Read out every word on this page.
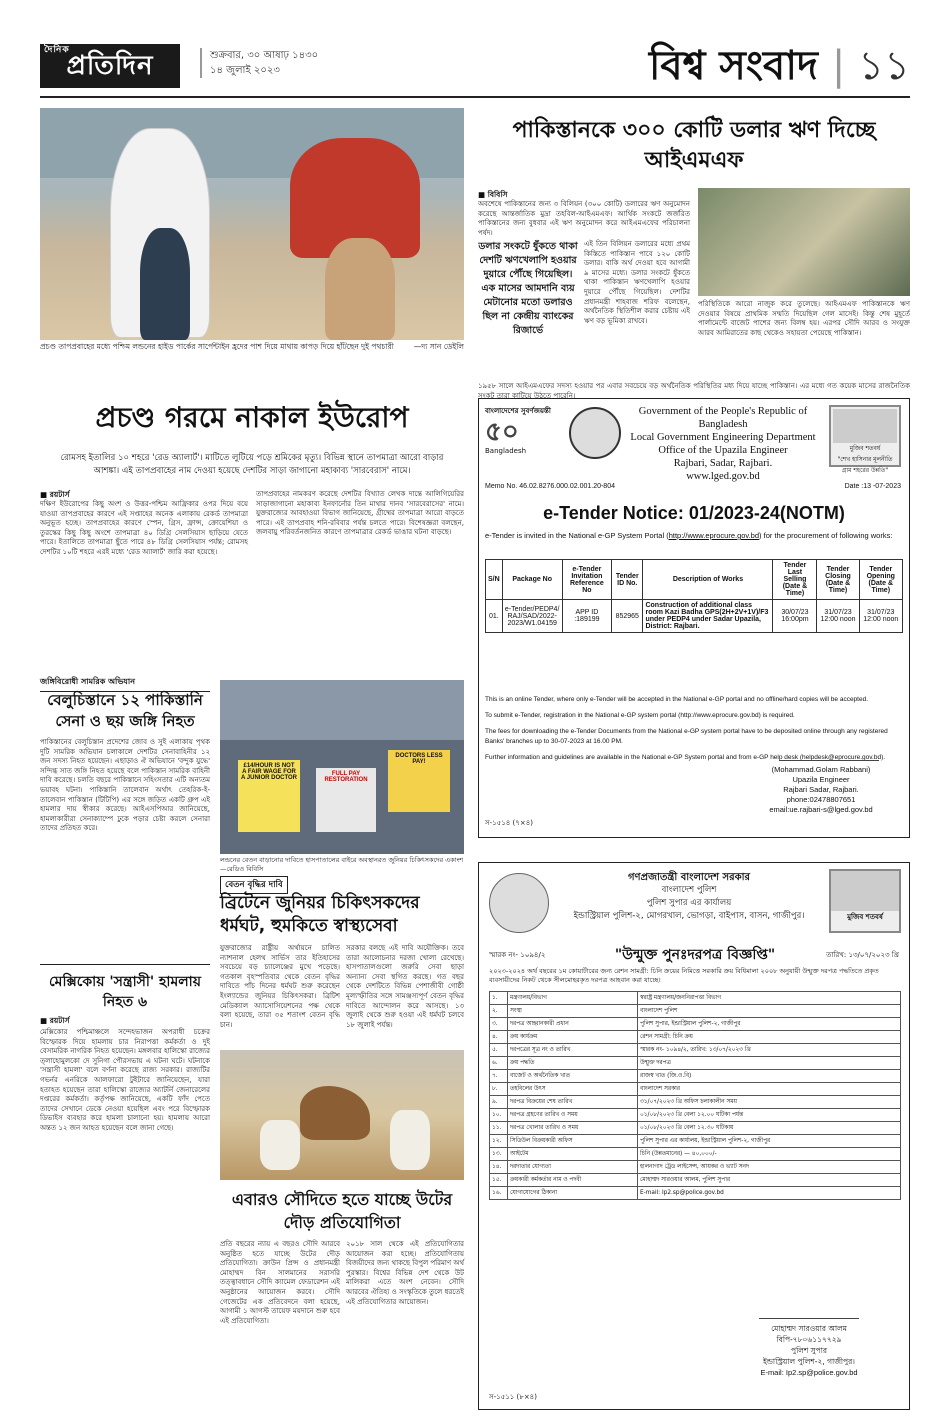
দৈনিক
প্রতিদিন	শুক্রবার, ৩০ আষাঢ় ১৪৩০
১৪ জুলাই ২০২৩	বিশ্ব সংবাদ | ১১
প্রচণ্ড তাপপ্রবাহের মধ্যে পশ্চিম লন্ডনের হাইড পার্কের সার্পেন্টাইন হ্রদের পাশ দিয়ে মাথায় কাপড় দিয়ে হাঁটছেন দুই পথচারী	—দ্য সান ডেইলি
প্রচণ্ড গরমে নাকাল ইউরোপ
রোমসহ ইতালির ১০ শহরে 'রেড অ্যালার্ট'। মাটিতে লুটিয়ে পড়ে শ্রমিকের মৃত্যু। বিভিন্ন স্থানে তাপমাত্রা আরো বাড়ার আশঙ্কা। এই তাপপ্রবাহের নাম দেওয়া হয়েছে দেশটির সাড়া জাগানো মহাকাব্য 'সারবেরাস' নামে।
■ রয়টার্স
দক্ষিণ ইউরোপের কিছু অংশ ও উত্তর-পশ্চিম আফ্রিকার ওপর দিয়ে বয়ে যাওয়া তাপপ্রবাহের কারণে এই সপ্তাহের অনেক এলাকায় রেকর্ড তাপমাত্রা অনুভূত হচ্ছে। তাপপ্রবাহের কারণে স্পেন, গ্রিস, ফ্রান্স, ক্রোয়েশিয়া ও তুরস্কের কিছু কিছু অংশে তাপমাত্রা ৪০ ডিগ্রি সেলসিয়াস ছাড়িয়ে যেতে পারে। ইতালিতে তাপমাত্রা ছুঁতে পারে ৪৮ ডিগ্রি সেলসিয়াস পর্যন্ত; রোমসহ দেশটির ১০টি শহরে এরই মধ্যে 'রেড অ্যালার্ট' জারি করা হয়েছে।
তাপপ্রবাহের নামকরণ করেছে দেশটির বিখ্যাত লেখক দান্তে আলিগিয়েরির সাড়াজাগানো মহাকাব্য ইনফার্নোর তিন মাথার দানব 'সারবেরাসের' নামে। যুক্তরাজ্যের আবহাওয়া বিভাগ জানিয়েছে, গ্রীষ্মের তাপমাত্রা আরো বাড়তে পারে। এই তাপপ্রবাহ শনি-রবিবার পর্যন্ত চলতে পারে। বিশেষজ্ঞরা বলছেন, জলবায়ু পরিবর্তনজনিত কারণে তাপমাত্রার রেকর্ড ভাঙার ঘটনা বাড়ছে।
পাকিস্তানকে ৩০০ কোটি ডলার ঋণ দিচ্ছে আইএমএফ
■ বিবিসি
অবশেষে পাকিস্তানের জন্য ৩ বিলিয়ন (৩০০ কোটি) ডলারের ঋণ অনুমোদন করেছে আন্তর্জাতিক মুদ্রা তহবিল-আইএমএফ। আর্থিক সংকটে জর্জরিত পাকিস্তানের জন্য বুধবার এই ঋণ অনুমোদন করে আইএমএফের পরিচালনা পর্ষদ।
ডলার সংকটে ধুঁকতে থাকা দেশটি ঋণখেলাপি হওয়ার দুয়ারে পৌঁছে গিয়েছিল। এক মাসের আমদানি ব্যয় মেটানোর মতো ডলারও ছিল না কেন্দ্রীয় ব্যাংকের রিজার্ভে
এই তিন বিলিয়ন ডলারের মধ্যে প্রথম কিস্তিতে পাকিস্তান পাবে ১২০ কোটি ডলার। বাকি অর্থ দেওয়া হবে আগামী ৯ মাসের মধ্যে। ডলার সংকটে ধুঁকতে থাকা পাকিস্তান ঋণখেলাপি হওয়ার দুয়ারে পৌঁছে গিয়েছিল। দেশটির প্রধানমন্ত্রী শাহবাজ শরিফ বলেছেন, অর্থনৈতিক স্থিতিশীল করার চেষ্টায় এই ঋণ বড় ভূমিকা রাখবে।
পরিস্থিতিকে আরো নাজুক করে তুলেছে। আইএমএফ পাকিস্তানকে ঋণ দেওয়ার বিষয়ে প্রাথমিক সম্মতি দিয়েছিল গেল মাসেই। কিন্তু শেষ মুহূর্তে পার্লামেন্টে বাজেট পাশের জন্য বিলম্ব হয়। এরপর সৌদি আরব ও সংযুক্ত আরব আমিরাতের কাছ থেকেও সহায়তা পেয়েছে পাকিস্তান।
১৯৫৮ সালে আইএমএফের সদস্য হওয়ার পর এবার সবচেয়ে বড় অর্থনৈতিক পরিস্থিতির মধ্য দিয়ে যাচ্ছে পাকিস্তান। এর মধ্যে গত কয়েক মাসের রাজনৈতিক সংকট তারা কাটিয়ে উঠতে পারেনি।
বাংলাদেশের সুবর্ণজয়ন্তী
৫০
Bangladesh
Government of the People's Republic of Bangladesh
Local Government Engineering Department
Office of the Upazila Engineer
Rajbari, Sadar, Rajbari.
www.lged.gov.bd
মুজিব শতবর্ষ
"শেখ হাসিনার মূলনীতি গ্রাম শহরের উন্নতি"
Memo No. 46.02.8276.000.02.001.20-804	Date :13 -07-2023
e-Tender Notice: 01/2023-24(NOTM)
e-Tender is invited in the National e-GP System Portal (http://www.eprocure.gov.bd) for the procurement of following works:
S/N	Package No	e-Tender Invitation Reference No	Tender ID No.	Description of Works	Tender Last Selling (Date & Time)	Tender Closing (Date & Time)	Tender Opening (Date & Time)
01.	e-Tender/PEDP4/ RAJ/SAD/2022-2023/W1.04159	APP ID :189199	852965	Construction of additional class room Kazi Badha GPS(2H+2V+1V)/F3 under PEDP4 under Sadar Upazila, District: Rajbari.	30/07/23 16:00pm	31/07/23 12:00 noon	31/07/23 12:00 noon

This is an online Tender, where only e-Tender will be accepted in the National e-GP portal and no offline/hard copies will be accepted.

To submit e-Tender, registration in the National e-GP system portal (http://www.eprocure.gov.bd) is required.

The fees for downloading the e-Tender Documents from the National e-GP system portal have to be deposited online through any registered Banks' branches up to 30-07-2023 at 16.00 PM.

Further information and guidelines are available in the National e-GP System portal and from e-GP help desk (helpdesk@eprocure.gov.bd).

(Mohammad.Golam Rabbani)
Upazila Engineer
Rajbari Sadar, Rajbari.
phone:02478807651
email:ue.rajbari-s@lged.gov.bd
স-১৫১৪ (৭×৪)
জঙ্গিবিরোধী সামরিক অভিযান
বেলুচিস্তানে ১২ পাকিস্তানি সেনা ও ছয় জঙ্গি নিহত
পাকিস্তানের বেলুচিস্তান প্রদেশের জোব ও সুই এলাকায় পৃথক দুটি সামরিক অভিযান চলাকালে দেশটির সেনাবাহিনীর ১২ জন সদস্য নিহত হয়েছেন। এছাড়াও ঐ অভিযানে 'বন্দুক যুদ্ধে' সন্দিগ্ধ সাত জঙ্গি নিহত হয়েছে বলে পাকিস্তান সামরিক বাহিনী দাবি করেছে। চলতি বছরে পাকিস্তানে সহিংসতার এটি অন্যতম ভয়াবহ ঘটনা। পাকিস্তানি তালেবান অর্থাৎ তেহরিক-ই-তালেবান পাকিস্তান (টিটিপি) এর সঙ্গে জড়িত একটি গ্রুপ এই হামলার দায় স্বীকার করেছে। আইএসপিআর জানিয়েছে, হামলাকারীরা সেনাক্যাম্পে ঢুকে পড়ার চেষ্টা করলে সেনারা তাদের প্রতিহত করে।
মেক্সিকোয় 'সন্ত্রাসী' হামলায় নিহত ৬
■ রয়টার্স
মেক্সিকোর পশ্চিমাঞ্চলে সন্দেহভাজন অপরাধী চক্রের বিস্ফোরক দিয়ে হামলায় চার নিরাপত্তা কর্মকর্তা ও দুই বেসামরিক নাগরিক নিহত হয়েছেন। মঙ্গলবার হালিস্কো রাজ্যের ত্লাহোমুলকো দে সুনিগা পৌরসভায় এ ঘটনা ঘটে। ঘটনাকে 'সন্ত্রাসী হামলা' বলে বর্ণনা করেছে রাজ্য সরকার। রাজ্যটির গভর্নর এনরিকে আলফারো টুইটারে জানিয়েছেন, যারা হতাহত হয়েছেন তারা হালিস্কো রাজ্যের অ্যাটর্নি জেনারেলের দপ্তরের কর্মকর্তা। কর্তৃপক্ষ জানিয়েছে, একটি ফাঁদ পেতে তাদের সেখানে ডেকে নেওয়া হয়েছিল এবং পরে বিস্ফোরক ডিভাইস ব্যবহার করে হামলা চালানো হয়। হামলায় আরো অন্তত ১২ জন আহত হয়েছেন বলে জানা গেছে।
£14/HOUR IS NOT A FAIR WAGE FOR A JUNIOR DOCTOR
FULL PAY RESTORATION
DOCTORS LESS PAY!
লন্ডনের বেতন বাড়ানোর দাবিতে হাসপাতালের বাইরে অবস্থানরত জুনিয়র চিকিৎসকদের একাংশ—রেডিও বিবিসি
বেতন বৃদ্ধির দাবি
ব্রিটেনে জুনিয়র চিকিৎসকদের ধর্মঘট, হুমকিতে স্বাস্থ্যসেবা
যুক্তরাজ্যের রাষ্ট্রীয় অর্থায়নে চালিত ন্যাশনাল হেলথ সার্ভিস তার ইতিহাসের সবচেয়ে বড় চ্যালেঞ্জের মুখে পড়েছে। গতকাল বৃহস্পতিবার থেকে বেতন বৃদ্ধির দাবিতে পাঁচ দিনের ধর্মঘট শুরু করেছেন ইংল্যান্ডের জুনিয়র চিকিৎসকরা। ব্রিটিশ মেডিক্যাল অ্যাসোসিয়েশনের পক্ষ থেকে বলা হয়েছে, তারা ৩৫ শতাংশ বেতন বৃদ্ধি চান।
সরকার বলছে এই দাবি অযৌক্তিক। তবে তারা আলোচনার দরজা খোলা রেখেছে। হাসপাতালগুলো জরুরি সেবা ছাড়া অন্যান্য সেবা স্থগিত করছে। গত বছর থেকে দেশটিতে বিভিন্ন পেশাজীবী গোষ্ঠী মূল্যস্ফীতির সঙ্গে সামঞ্জস্যপূর্ণ বেতন বৃদ্ধির দাবিতে আন্দোলন করে আসছে। ১৩ জুলাই থেকে শুরু হওয়া এই ধর্মঘট চলবে ১৮ জুলাই পর্যন্ত।
এবারও সৌদিতে হতে যাচ্ছে উটের দৌড় প্রতিযোগিতা
প্রতি বছরের ন্যায় এ বছরও সৌদি আরবে অনুষ্ঠিত হতে যাচ্ছে উটের দৌড় প্রতিযোগিতা। ক্রাউন প্রিন্স ও প্রধানমন্ত্রী মোহাম্মদ বিন সালমানের সরাসরি তত্ত্বাবধানে সৌদি ক্যামেল ফেডারেশন এই অনুষ্ঠানের আয়োজন করবে। সৌদি গেজেটের এক প্রতিবেদনে বলা হয়েছে, আগামী ১ আগস্ট তায়েফ ময়দানে শুরু হবে এই প্রতিযোগিতা।
২০১৮ সাল থেকে এই প্রতিযোগিতার আয়োজন করা হচ্ছে। প্রতিযোগিতায় বিজয়ীদের জন্য থাকছে বিপুল পরিমাণ অর্থ পুরস্কার। বিশ্বের বিভিন্ন দেশ থেকে উট মালিকরা এতে অংশ নেবেন। সৌদি আরবের ঐতিহ্য ও সংস্কৃতিকে তুলে ধরতেই এই প্রতিযোগিতার আয়োজন।
গণপ্রজাতন্ত্রী বাংলাদেশ সরকার
বাংলাদেশ পুলিশ
পুলিশ সুপার এর কার্যালয়
ইন্ডাস্ট্রিয়াল পুলিশ-২, মোগরখাল, ভোগড়া, বাইপাস, বাসন, গাজীপুর।	মুজিব শতবর্ষ
স্মারক নং- ১০৯৪/২	তারিখ: ১৩/০৭/২০২৩ খ্রি
"উন্মুক্ত পুনঃদরপত্র বিজ্ঞপ্তি"
২০২৩-২০২৪ অর্থ বছরের ১ম কোয়ার্টারের জন্য রেশন সামগ্রী: চিনি ক্রয়ের নিমিত্তে সরকারি ক্রয় বিধিমালা ২০০৮ অনুযায়ী উন্মুক্ত দরপত্র পদ্ধতিতে প্রকৃত ব্যবসায়ীদের নিকট থেকে সীলমোহরকৃত দরপত্র আহবান করা যাচ্ছে।
১.	মন্ত্রণালয়/বিভাগ	স্বরাষ্ট্র মন্ত্রণালয়/জননিরাপত্তা বিভাগ
২.	সংস্থা	বাংলাদেশ পুলিশ
৩.	দরপত্র আহ্বানকারী প্রধান	পুলিশ সুপার, ইন্ডাস্ট্রিয়াল পুলিশ-২, গাজীপুর
৪.	ক্রয় কার্যক্রম	রেশন সামগ্রী: চিনি ক্রয়
৫.	দরপত্রের সূত্র নং ও তারিখ	স্মারক নং- ১০৯৪/২, তারিখ: ১৩/০৭/২০২৩ খ্রি
৬.	ক্রয় পদ্ধতি	উন্মুক্ত দরপত্র
৭.	বাজেট ও অর্থনৈতিক খাত	রাজস্ব খাত (জি.ও.বি)
৮.	তহবিলের উৎস	বাংলাদেশ সরকার
৯.	দরপত্র বিক্রয়ের শেষ তারিখ	৩১/০৭/২০২৩ খ্রি অফিস চলাকালীন সময়
১০.	দরপত্র গ্রহণের তারিখ ও সময়	০১/০৮/২০২৩ খ্রি বেলা ১২.০০ ঘটিকা পর্যন্ত
১১.	দরপত্র খোলার তারিখ ও সময়	০১/০৮/২০২৩ খ্রি বেলা ১২.৩০ ঘটিকায়
১২.	সিডিউল বিক্রয়কারী অফিস	পুলিশ সুপার এর কার্যালয়, ইন্ডাস্ট্রিয়াল পুলিশ-২, গাজীপুর
১৩.	আইটেম	চিনি (উন্নতমানের) — ৪০,০০০/-
১৪.	দরদাতার যোগ্যতা	হালনাগাদ ট্রেড লাইসেন্স, আয়কর ও ভ্যাট সনদ
১৫.	ক্রয়কারী কর্মকর্তার নাম ও পদবী	মোহাম্মদ সারওয়ার আলম, পুলিশ সুপার
১৬.	যোগাযোগের ঠিকানা	E-mail: Ip2.sp@police.gov.bd
মোহাম্মদ সারওয়ার আলম
বিপি-৭৮০৬১১৭৭২৯
পুলিশ সুপার
ইন্ডাস্ট্রিয়াল পুলিশ-২, গাজীপুর।
E-mail: Ip2.sp@police.gov.bd
স-১৫১১ (৮×৪)
